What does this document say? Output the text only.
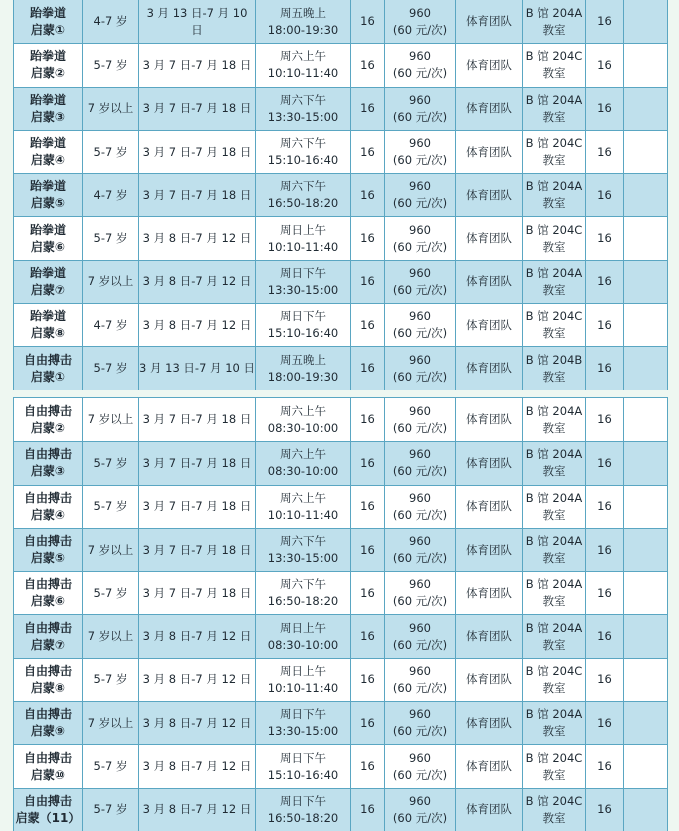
跆拳道
启蒙①
4-7 岁
3 月 13 日-7 月 10
日
周五晚上
18:00-19:30
16
960
(60 元/次)
体育团队
B 馆 204A
教室
16
跆拳道
启蒙②
5-7 岁 3 月 7 日-7 月 18 日
周六上午
10:10-11:40
16
960
(60 元/次)
体育团队
B 馆 204C
教室
16
跆拳道
启蒙③
7 岁以上 3 月 7 日-7 月 18 日
周六下午
13:30-15:00
16
960
(60 元/次)
体育团队
B 馆 204A
教室
16
跆拳道
启蒙④
5-7 岁 3 月 7 日-7 月 18 日
周六下午
15:10-16:40
16
960
(60 元/次)
体育团队
B 馆 204C
教室
16
跆拳道
启蒙⑤
4-7 岁 3 月 7 日-7 月 18 日
周六下午
16:50-18:20
16
960
(60 元/次)
体育团队
B 馆 204A
教室
16
跆拳道
启蒙⑥
5-7 岁 3 月 8 日-7 月 12 日
周日上午
10:10-11:40
16
960
(60 元/次)
体育团队
B 馆 204C
教室
16
跆拳道
启蒙⑦
7 岁以上 3 月 8 日-7 月 12 日
周日下午
13:30-15:00
16
960
(60 元/次)
体育团队
B 馆 204A
教室
16
跆拳道
启蒙⑧
4-7 岁 3 月 8 日-7 月 12 日
周日下午
15:10-16:40
16
960
(60 元/次)
体育团队
B 馆 204C
教室
16
自由搏击
启蒙①
5-7 岁 3 月 13 日-7 月 10 日
周五晚上
18:00-19:30
16
960
(60 元/次)
体育团队
B 馆 204B
教室
16
自由搏击
启蒙②
7 岁以上 3 月 7 日-7 月 18 日
周六上午
08:30-10:00
16
960
(60 元/次)
体育团队
B 馆 204A
教室
16
自由搏击
启蒙③
5-7 岁 3 月 7 日-7 月 18 日
周六上午
08:30-10:00
16
960
(60 元/次)
体育团队
B 馆 204A
教室
16
自由搏击
启蒙④
5-7 岁 3 月 7 日-7 月 18 日
周六上午
10:10-11:40
16
960
(60 元/次)
体育团队
B 馆 204A
教室
16
自由搏击
启蒙⑤
7 岁以上 3 月 7 日-7 月 18 日
周六下午
13:30-15:00
16
960
(60 元/次)
体育团队
B 馆 204A
教室
16
自由搏击
启蒙⑥
5-7 岁 3 月 7 日-7 月 18 日
周六下午
16:50-18:20
16
960
(60 元/次)
体育团队
B 馆 204A
教室
16
自由搏击
启蒙⑦
7 岁以上 3 月 8 日-7 月 12 日
周日上午
08:30-10:00
16
960
(60 元/次)
体育团队
B 馆 204A
教室
16
自由搏击
启蒙⑧
5-7 岁 3 月 8 日-7 月 12 日
周日上午
10:10-11:40
16
960
(60 元/次)
体育团队
B 馆 204C
教室
16
自由搏击
启蒙⑨
7 岁以上 3 月 8 日-7 月 12 日
周日下午
13:30-15:00
16
960
(60 元/次)
体育团队
B 馆 204A
教室
16
自由搏击
启蒙⑩
5-7 岁 3 月 8 日-7 月 12 日
周日下午
15:10-16:40
16
960
(60 元/次)
体育团队
B 馆 204C
教室
16
自由搏击
启蒙（11）
5-7 岁 3 月 8 日-7 月 12 日
周日下午
16:50-18:20
16
960
(60 元/次)
体育团队
B 馆 204C
教室
16
